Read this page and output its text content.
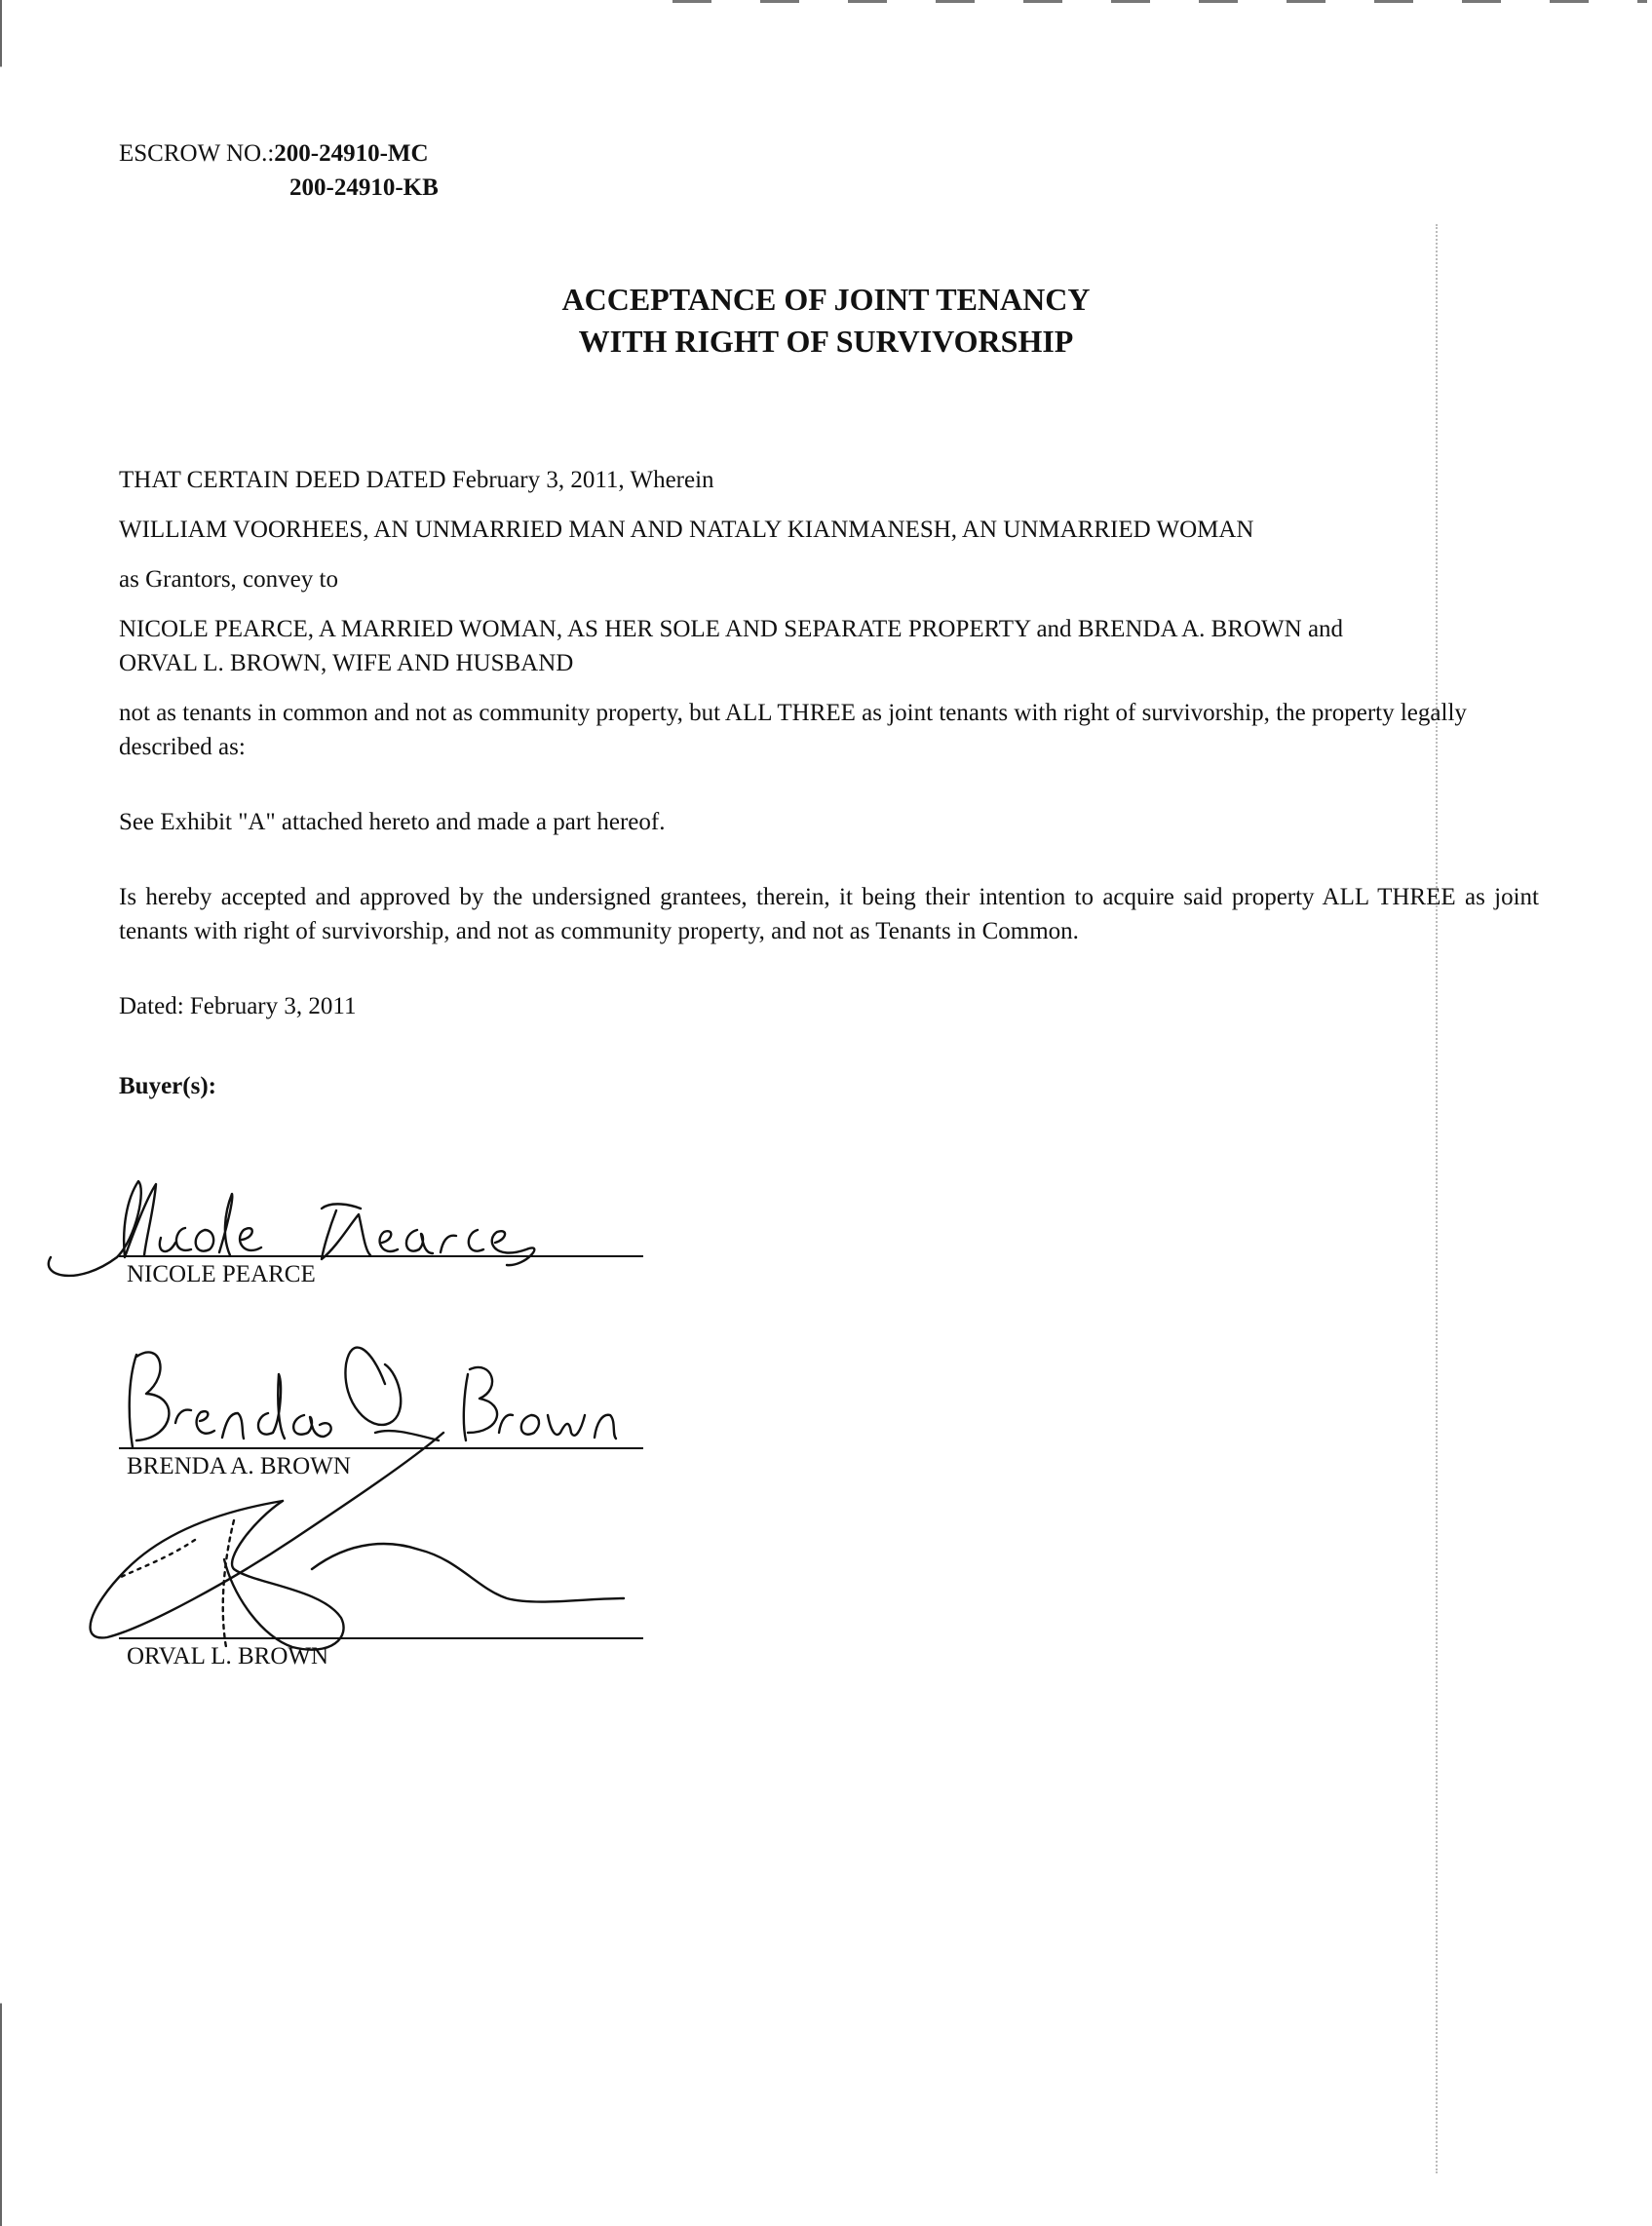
ESCROW NO.:200-24910-MC
200-24910-KB
ACCEPTANCE OF JOINT TENANCY
WITH RIGHT OF SURVIVORSHIP
THAT CERTAIN DEED DATED February 3, 2011, Wherein
WILLIAM VOORHEES, AN UNMARRIED MAN AND NATALY KIANMANESH, AN UNMARRIED WOMAN
as Grantors, convey to
NICOLE PEARCE, A MARRIED WOMAN, AS HER SOLE AND SEPARATE PROPERTY and BRENDA A. BROWN and
ORVAL L. BROWN, WIFE AND HUSBAND
not as tenants in common and not as community property, but ALL THREE as joint tenants with right of survivorship, the property legally described as:
See Exhibit "A" attached hereto and made a part hereof.
Is hereby accepted and approved by the undersigned grantees, therein, it being their intention to acquire said property ALL THREE as joint tenants with right of survivorship, and not as community property, and not as Tenants in Common.
Dated: February 3, 2011
Buyer(s):
NICOLE PEARCE
BRENDA A. BROWN
ORVAL L. BROWN
